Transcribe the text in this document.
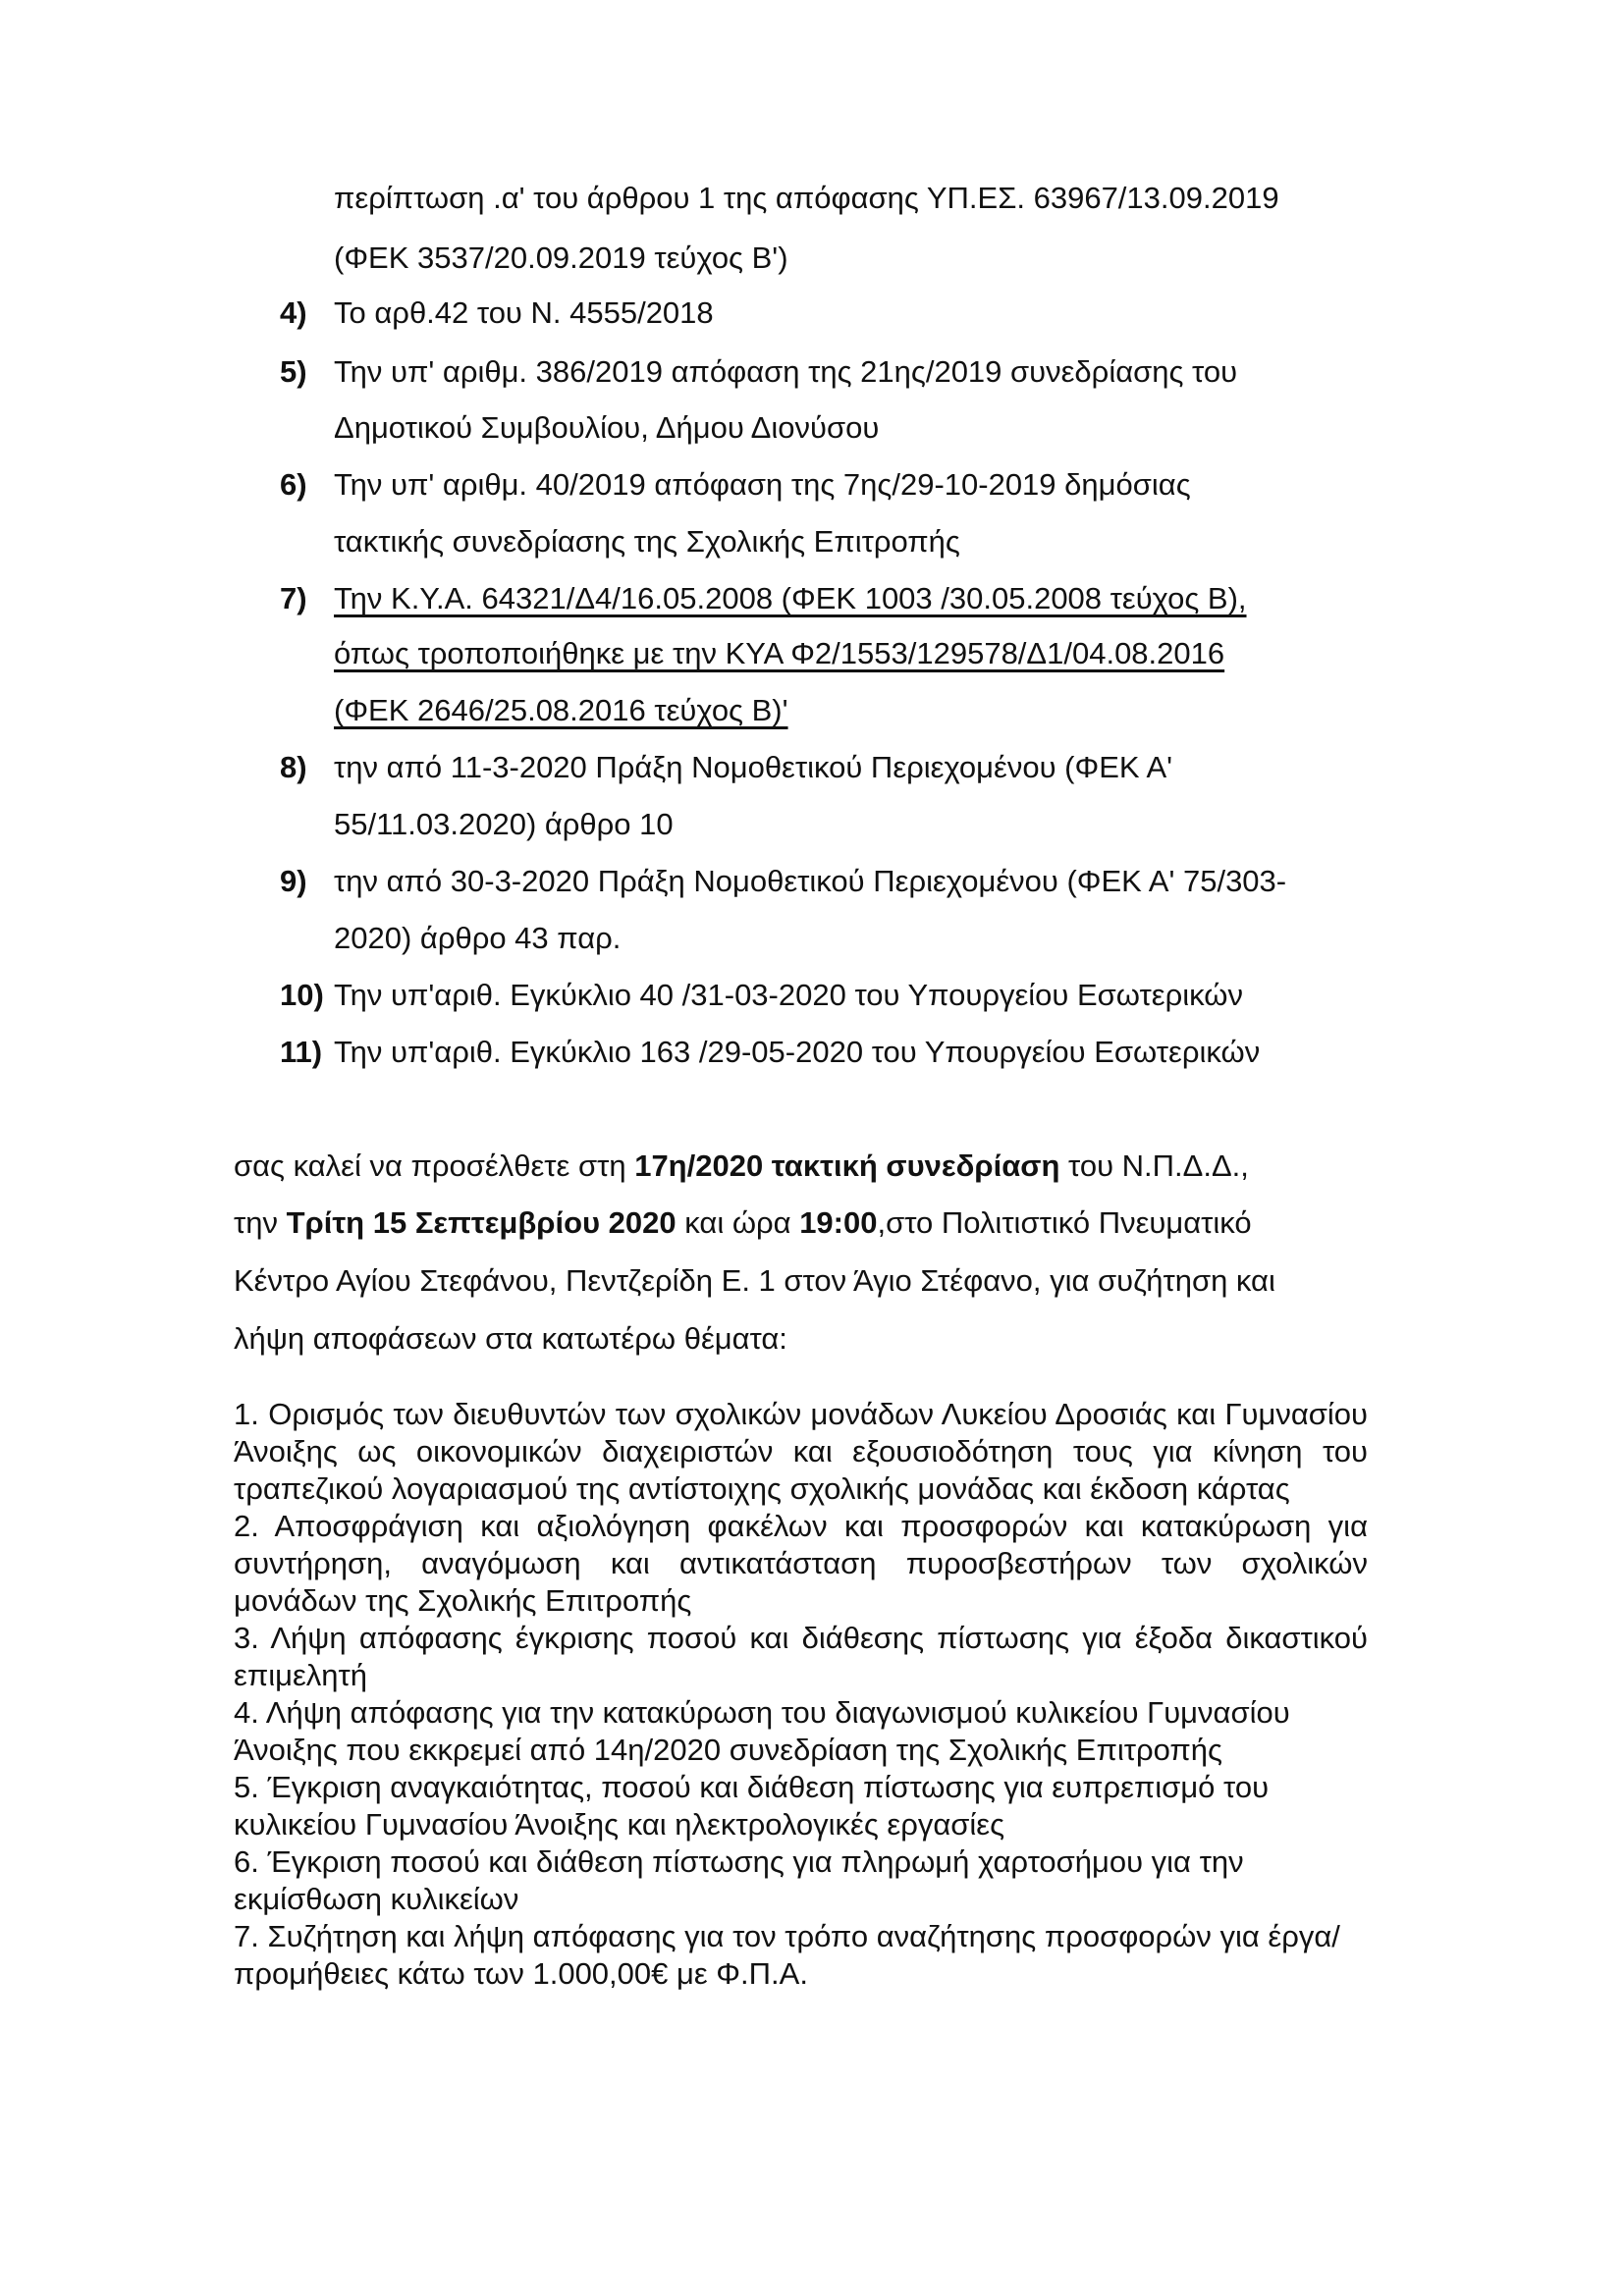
περίπτωση .α' του άρθρου 1 της απόφασης ΥΠ.ΕΣ. 63967/13.09.2019
(ΦΕΚ 3537/20.09.2019 τεύχος Β')
4) Το αρθ.42 του Ν. 4555/2018
5) Την υπ' αριθμ. 386/2019 απόφαση της 21ης/2019 συνεδρίασης του
Δημοτικού Συμβουλίου, Δήμου Διονύσου
6) Την υπ' αριθμ. 40/2019 απόφαση της 7ης/29-10-2019 δημόσιας
τακτικής συνεδρίασης της Σχολικής Επιτροπής
7) Την Κ.Υ.Α. 64321/Δ4/16.05.2008 (ΦΕΚ 1003 /30.05.2008 τεύχος Β),
όπως τροποποιήθηκε με την ΚΥΑ Φ2/1553/129578/Δ1/04.08.2016
(ΦΕΚ 2646/25.08.2016 τεύχος Β)'
8) την από 11-3-2020 Πράξη Νομοθετικού Περιεχομένου (ΦΕΚ Α'
55/11.03.2020) άρθρο 10
9) την από 30-3-2020 Πράξη Νομοθετικού Περιεχομένου (ΦΕΚ Α' 75/303-
2020) άρθρο 43 παρ.
10) Την υπ'αριθ. Εγκύκλιο 40 /31-03-2020 του Υπουργείου Εσωτερικών
11) Την υπ'αριθ. Εγκύκλιο 163 /29-05-2020 του Υπουργείου Εσωτερικών
σας καλεί να προσέλθετε στη 17η/2020 τακτική συνεδρίαση του Ν.Π.Δ.Δ.,
την Τρίτη 15 Σεπτεμβρίου 2020 και ώρα 19:00,στο Πολιτιστικό Πνευματικό
Κέντρο Αγίου Στεφάνου, Πεντζερίδη Ε. 1 στον Άγιο Στέφανο, για συζήτηση και
λήψη αποφάσεων στα κατωτέρω θέματα:

1. Ορισμός των διευθυντών των σχολικών μονάδων Λυκείου Δροσιάς και Γυμνασίου Άνοιξης ως οικονομικών διαχειριστών και εξουσιοδότηση τους για κίνηση του τραπεζικού λογαριασμού της αντίστοιχης σχολικής μονάδας και έκδοση κάρτας

2. Αποσφράγιση και αξιολόγηση φακέλων και προσφορών και κατακύρωση για συντήρηση, αναγόμωση και αντικατάσταση πυροσβεστήρων των σχολικών μονάδων της Σχολικής Επιτροπής

3. Λήψη απόφασης έγκρισης ποσού και διάθεσης πίστωσης για έξοδα δικαστικού επιμελητή

4. Λήψη απόφασης για την κατακύρωση του διαγωνισμού κυλικείου Γυμνασίου Άνοιξης που εκκρεμεί από 14η/2020 συνεδρίαση της Σχολικής Επιτροπής

5. Έγκριση αναγκαιότητας, ποσού και διάθεση πίστωσης για ευπρεπισμό του κυλικείου Γυμνασίου Άνοιξης και ηλεκτρολογικές εργασίες

6. Έγκριση ποσού και διάθεση πίστωσης για πληρωμή χαρτοσήμου για την εκμίσθωση κυλικείων

7. Συζήτηση και λήψη απόφασης για τον τρόπο αναζήτησης προσφορών για έργα/προμήθειες κάτω των 1.000,00€ με Φ.Π.Α.
